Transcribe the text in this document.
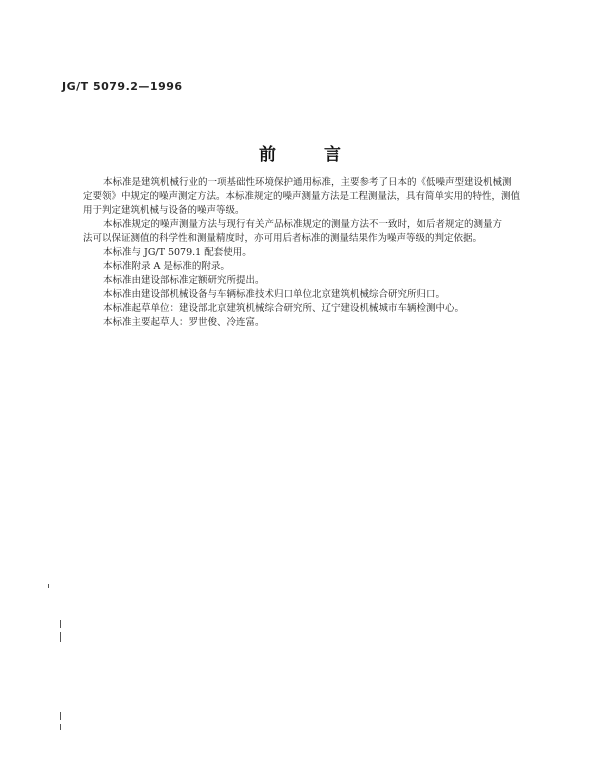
JG/T 5079.2—1996
前言

本标准是建筑机械行业的一项基础性环境保护通用标准，主要参考了日本的《低噪声型建设机械测
定要领》中规定的噪声测定方法。本标准规定的噪声测量方法是工程测量法，具有简单实用的特性，测值
用于判定建筑机械与设备的噪声等级。

本标准规定的噪声测量方法与现行有关产品标准规定的测量方法不一致时，如后者规定的测量方
法可以保证测值的科学性和测量精度时，亦可用后者标准的测量结果作为噪声等级的判定依据。

本标准与 JG/T 5079.1 配套使用。

本标准附录 A 是标准的附录。

本标准由建设部标准定额研究所提出。

本标准由建设部机械设备与车辆标准技术归口单位北京建筑机械综合研究所归口。

本标准起草单位：建设部北京建筑机械综合研究所、辽宁建设机械城市车辆检测中心。

本标准主要起草人：罗世俊、冷连富。
